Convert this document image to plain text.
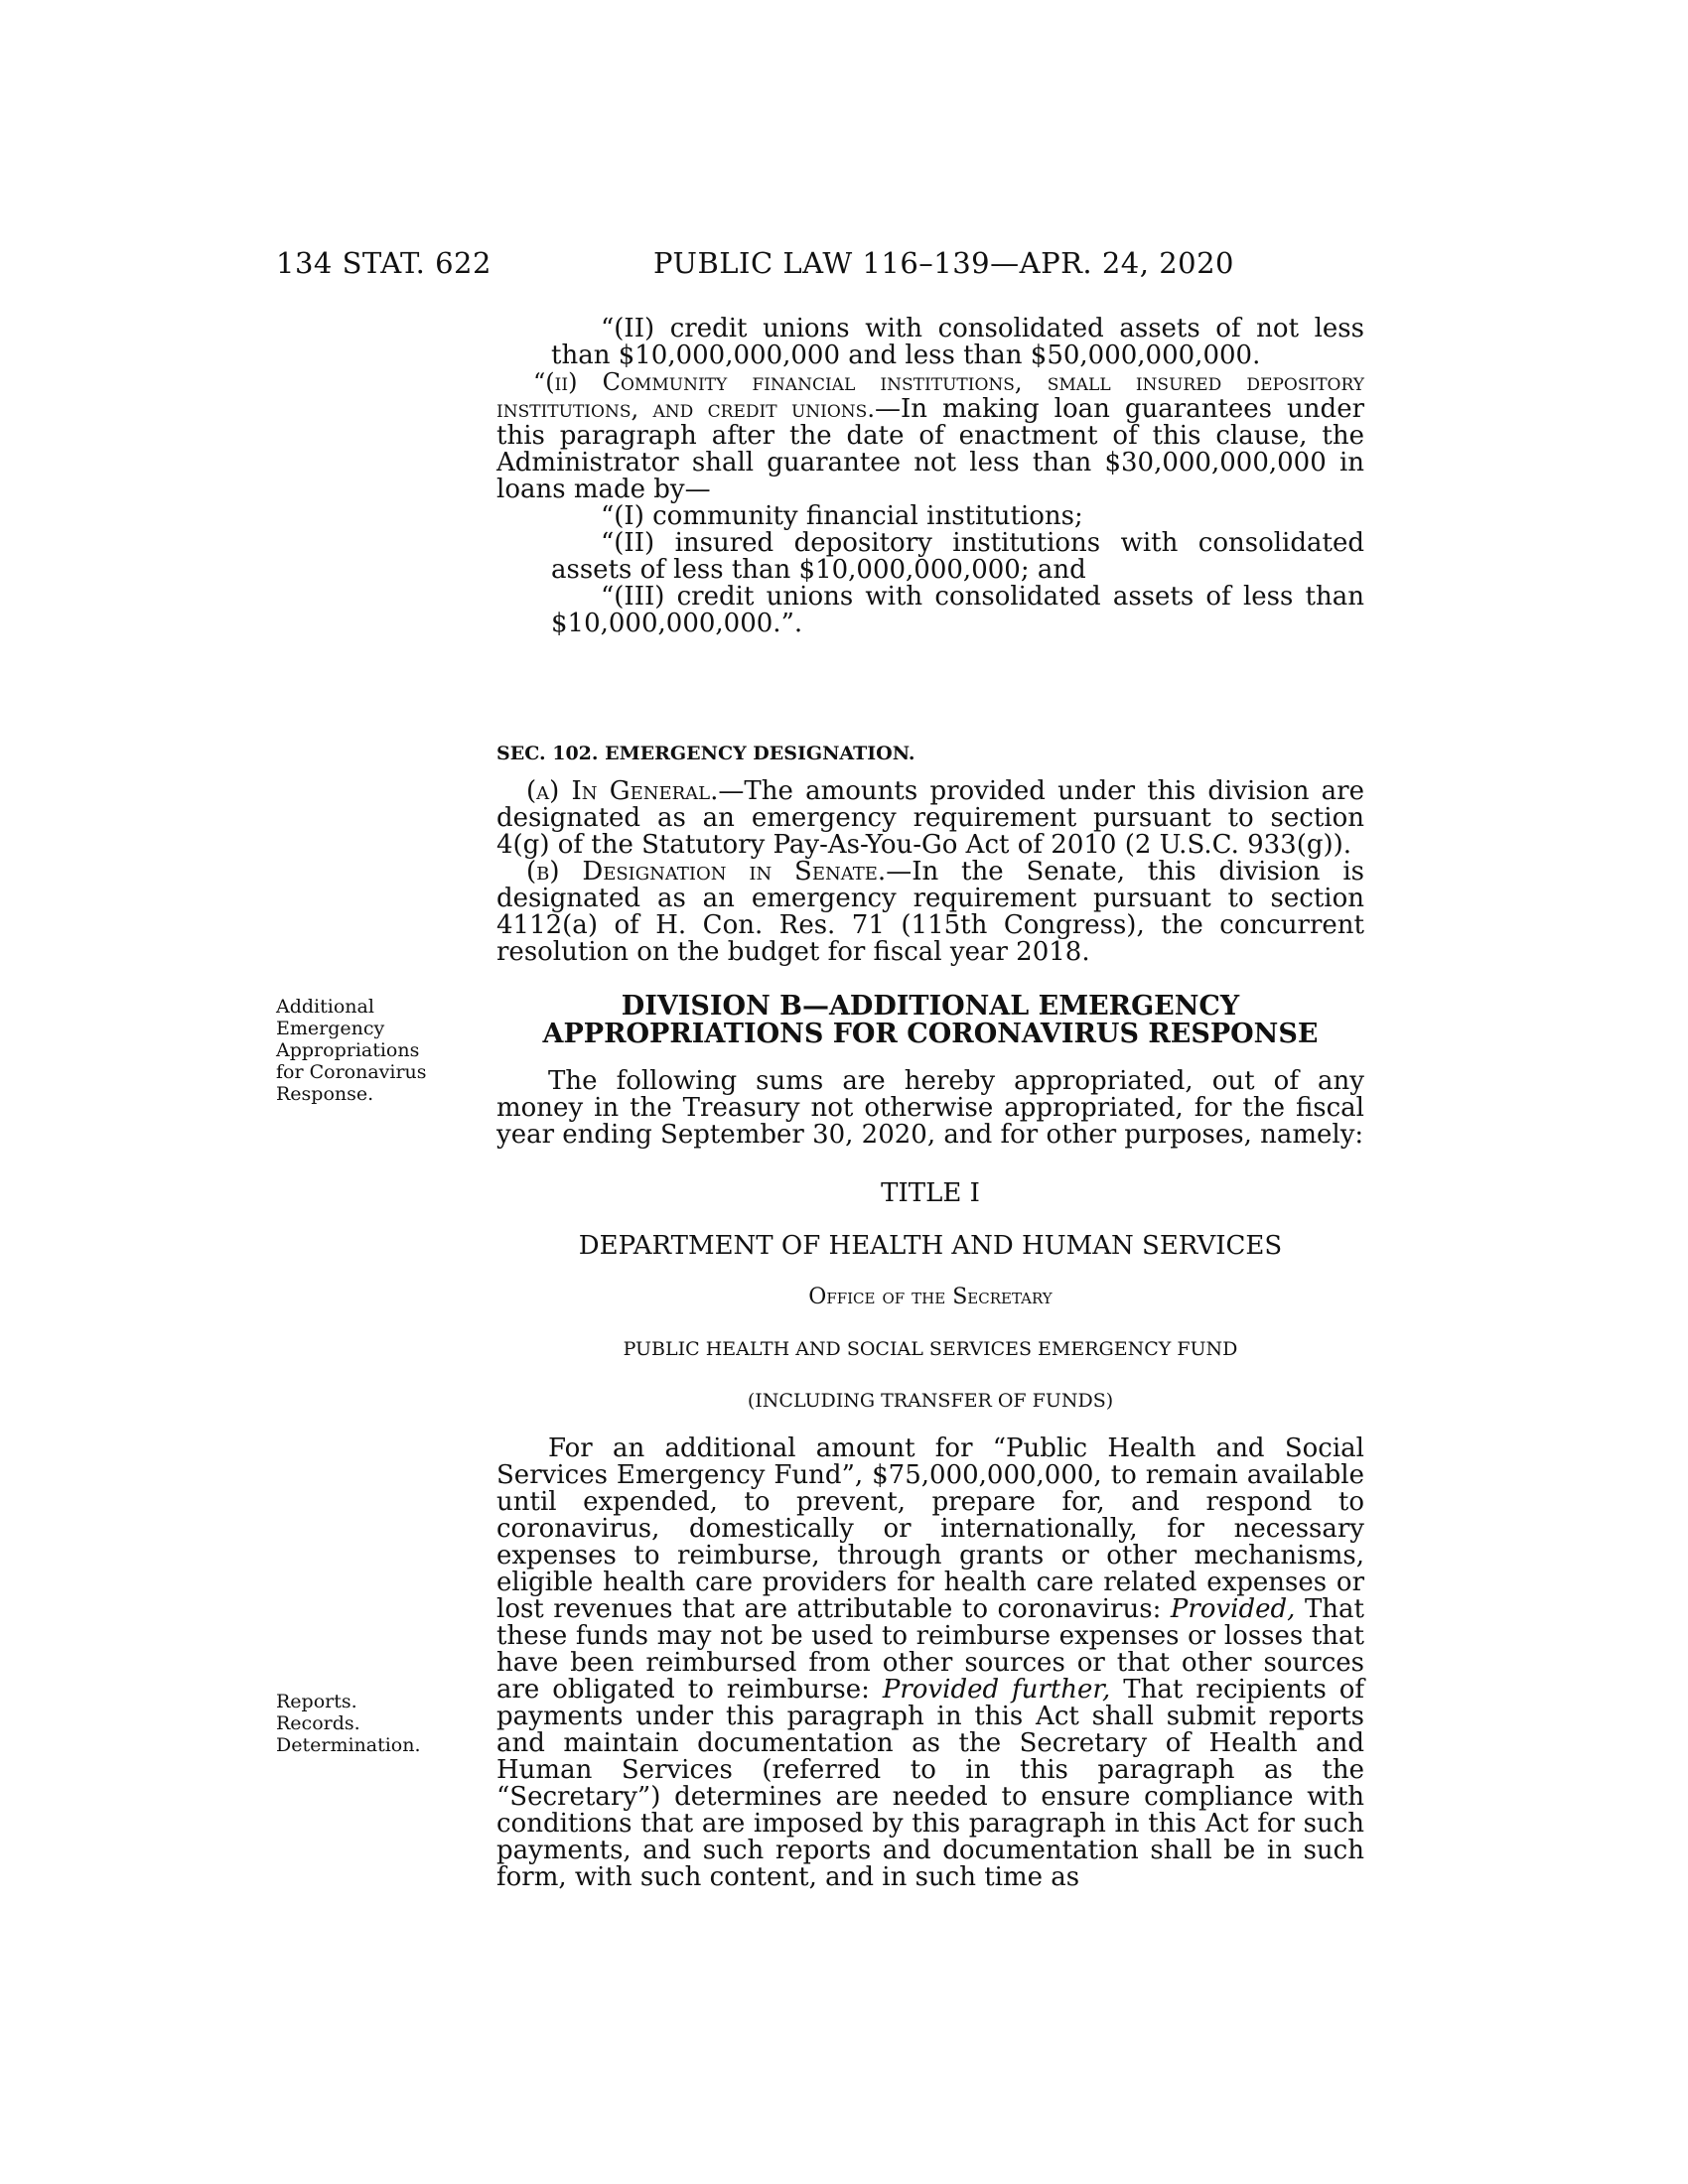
134 STAT. 622	PUBLIC LAW 116–139—APR. 24, 2020

“(II) credit unions with consolidated assets of not less than $10,000,000,000 and less than $50,000,000,000.

“(ii) Community financial institutions, small insured depository institutions, and credit unions.—In making loan guarantees under this paragraph after the date of enactment of this clause, the Administrator shall guarantee not less than $30,000,000,000 in loans made by—

“(I) community financial institutions;

“(II) insured depository institutions with consolidated assets of less than $10,000,000,000; and

“(III) credit unions with consolidated assets of less than $10,000,000,000.”.

SEC. 102. EMERGENCY DESIGNATION.

(a) In General.—The amounts provided under this division are designated as an emergency requirement pursuant to section 4(g) of the Statutory Pay-As-You-Go Act of 2010 (2 U.S.C. 933(g)).

(b) Designation in Senate.—In the Senate, this division is designated as an emergency requirement pursuant to section 4112(a) of H. Con. Res. 71 (115th Congress), the concurrent resolution on the budget for fiscal year 2018.

Additional
Emergency
Appropriations
for Coronavirus
Response.

DIVISION B—ADDITIONAL EMERGENCY

APPROPRIATIONS FOR CORONAVIRUS RESPONSE

The following sums are hereby appropriated, out of any money in the Treasury not otherwise appropriated, for the fiscal year ending September 30, 2020, and for other purposes, namely:

TITLE I

DEPARTMENT OF HEALTH AND HUMAN SERVICES

Office of the Secretary

PUBLIC HEALTH AND SOCIAL SERVICES EMERGENCY FUND

(INCLUDING TRANSFER OF FUNDS)

Reports.
Records.
Determination.

For an additional amount for “Public Health and Social Services Emergency Fund”, $75,000,000,000, to remain available until expended, to prevent, prepare for, and respond to coronavirus, domestically or internationally, for necessary expenses to reimburse, through grants or other mechanisms, eligible health care providers for health care related expenses or lost revenues that are attributable to coronavirus: Provided, That these funds may not be used to reimburse expenses or losses that have been reimbursed from other sources or that other sources are obligated to reimburse: Provided further, That recipients of payments under this paragraph in this Act shall submit reports and maintain documentation as the Secretary of Health and Human Services (referred to in this paragraph as the “Secretary”) determines are needed to ensure compliance with conditions that are imposed by this paragraph in this Act for such payments, and such reports and documentation shall be in such form, with such content, and in such time as
